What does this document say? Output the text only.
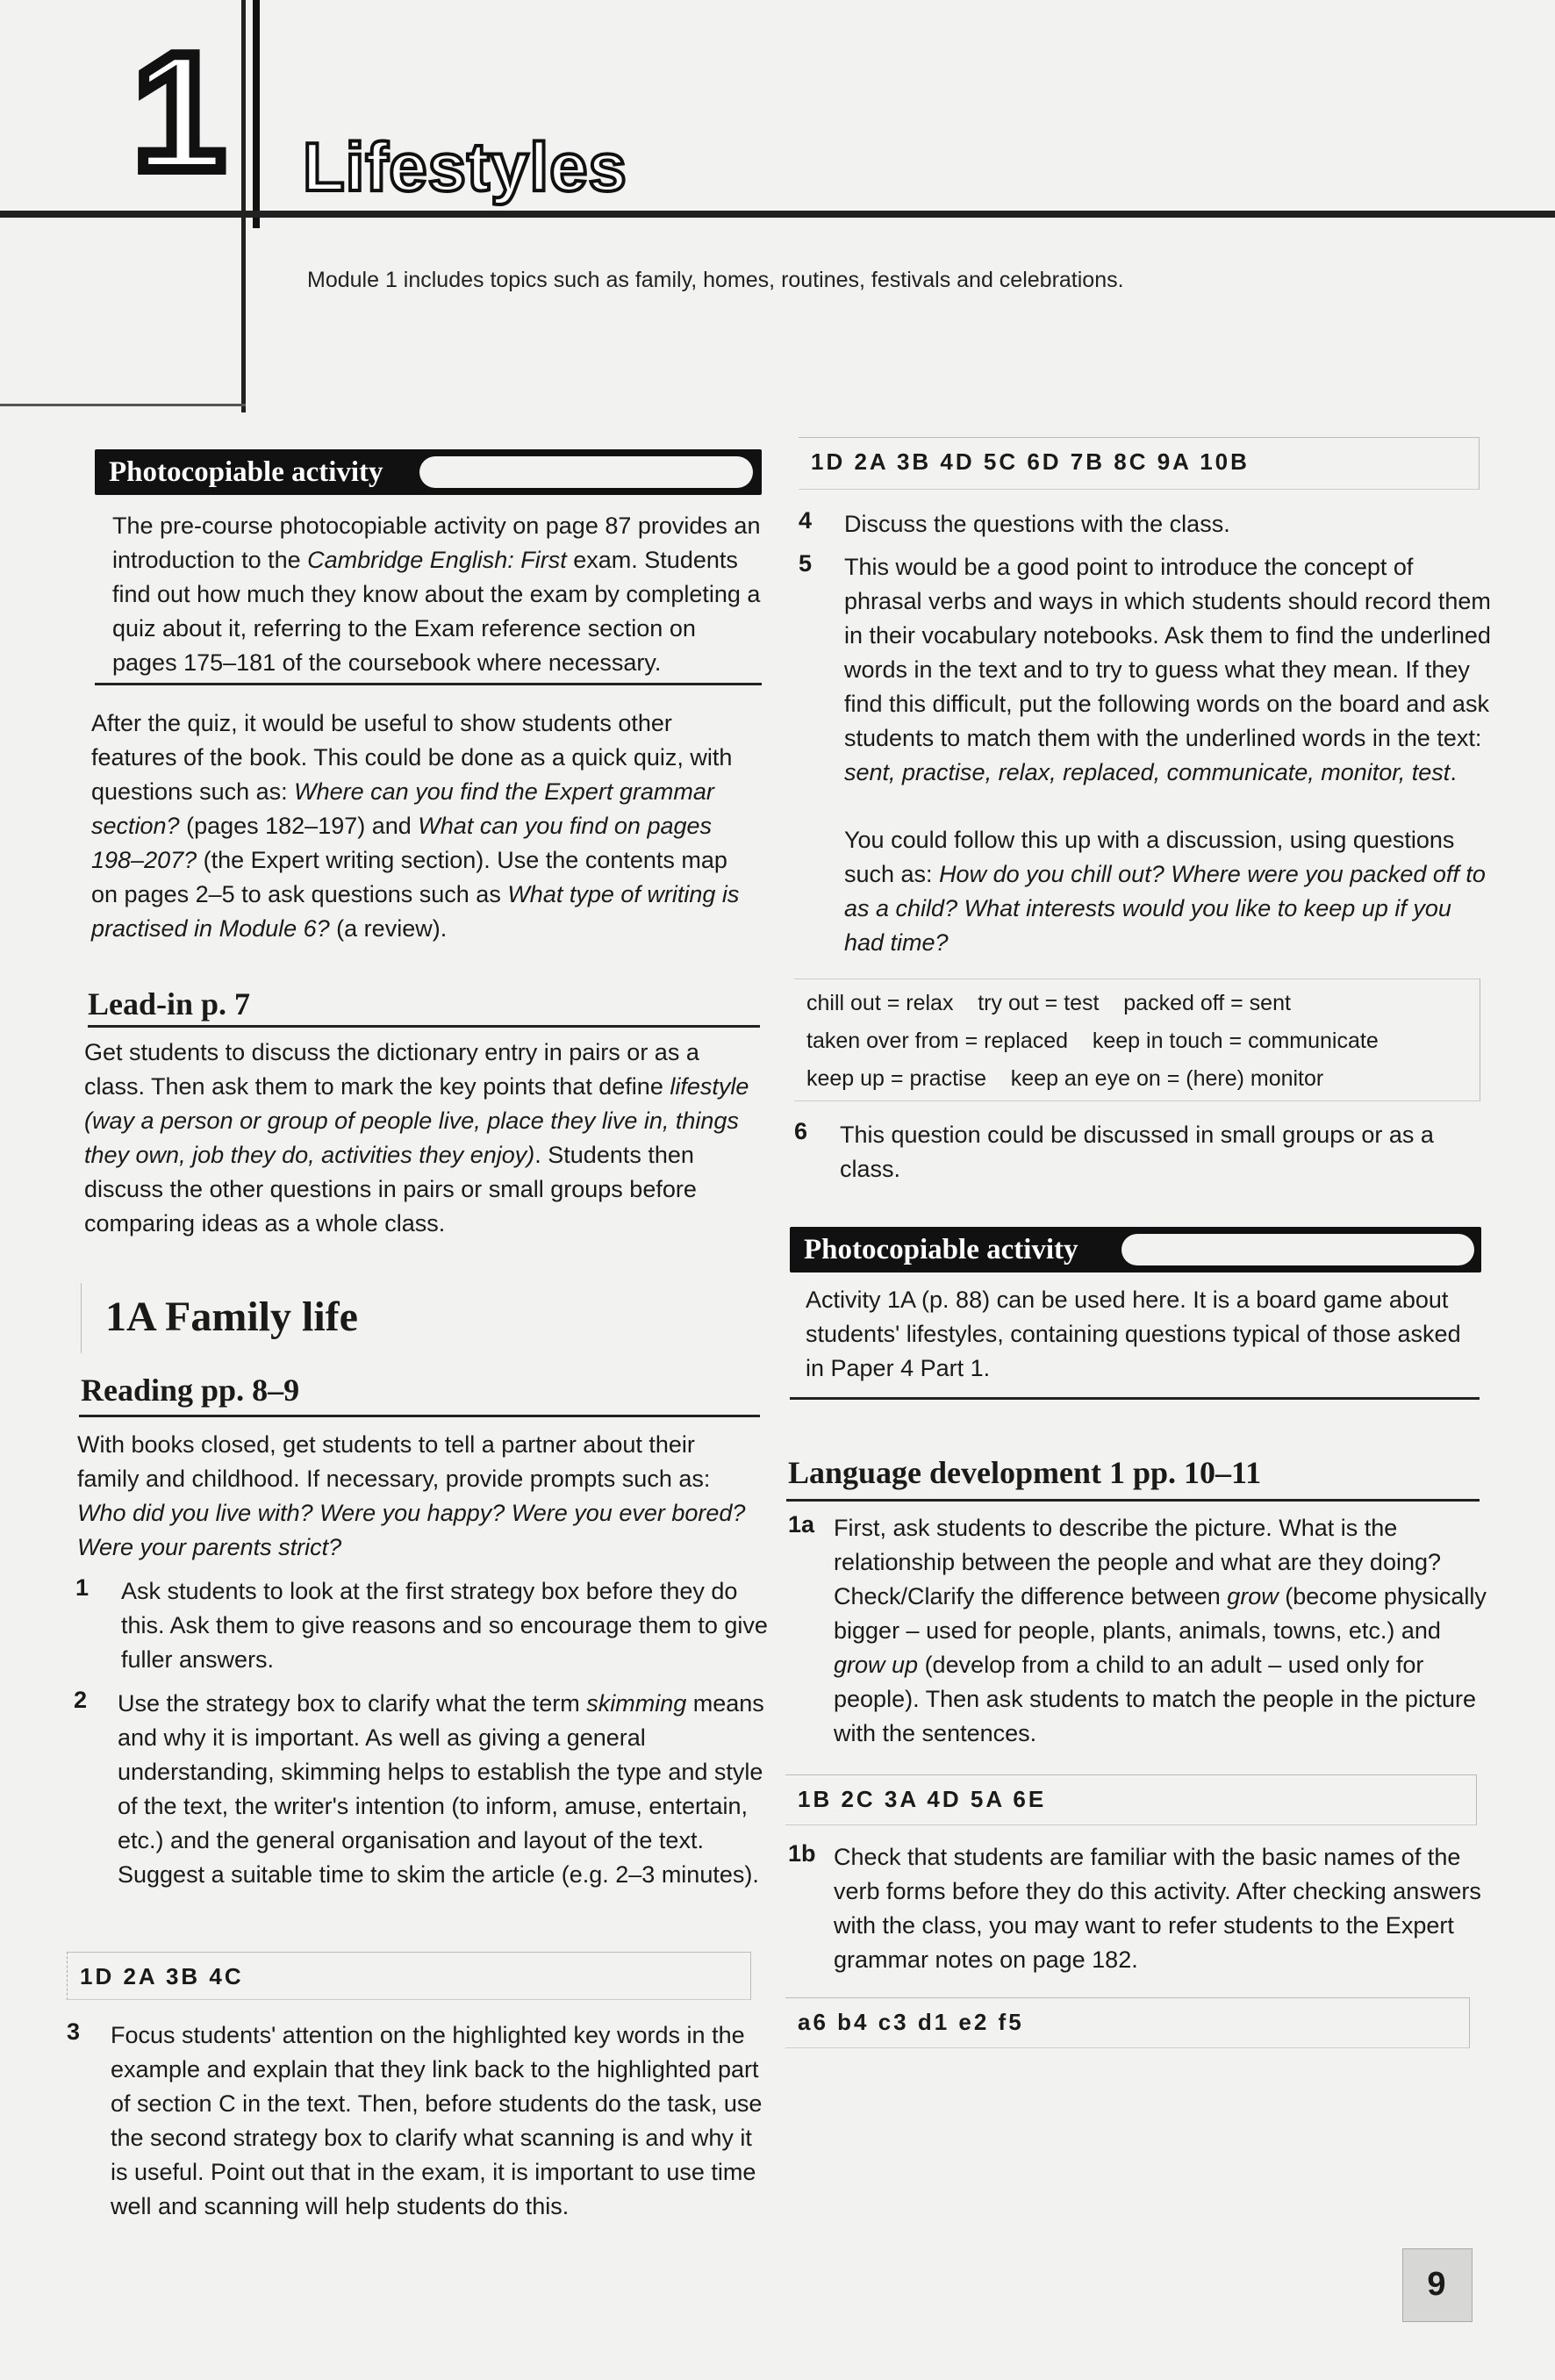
1 Lifestyles
Module 1 includes topics such as family, homes, routines, festivals and celebrations.
Photocopiable activity
The pre-course photocopiable activity on page 87 provides an introduction to the Cambridge English: First exam. Students find out how much they know about the exam by completing a quiz about it, referring to the Exam reference section on pages 175–181 of the coursebook where necessary.
After the quiz, it would be useful to show students other features of the book. This could be done as a quick quiz, with questions such as: Where can you find the Expert grammar section? (pages 182–197) and What can you find on pages 198–207? (the Expert writing section). Use the contents map on pages 2–5 to ask questions such as What type of writing is practised in Module 6? (a review).
Lead-in p. 7
Get students to discuss the dictionary entry in pairs or as a class. Then ask them to mark the key points that define lifestyle (way a person or group of people live, place they live in, things they own, job they do, activities they enjoy). Students then discuss the other questions in pairs or small groups before comparing ideas as a whole class.
1A Family life
Reading pp. 8–9
With books closed, get students to tell a partner about their family and childhood. If necessary, provide prompts such as: Who did you live with? Were you happy? Were you ever bored? Were your parents strict?
1 Ask students to look at the first strategy box before they do this. Ask them to give reasons and so encourage them to give fuller answers.
2 Use the strategy box to clarify what the term skimming means and why it is important. As well as giving a general understanding, skimming helps to establish the type and style of the text, the writer's intention (to inform, amuse, entertain, etc.) and the general organisation and layout of the text. Suggest a suitable time to skim the article (e.g. 2–3 minutes).
1D 2A 3B 4C
3 Focus students' attention on the highlighted key words in the example and explain that they link back to the highlighted part of section C in the text. Then, before students do the task, use the second strategy box to clarify what scanning is and why it is useful. Point out that in the exam, it is important to use time well and scanning will help students do this.
1D 2A 3B 4D 5C 6D 7B 8C 9A 10B
4 Discuss the questions with the class.
5 This would be a good point to introduce the concept of phrasal verbs and ways in which students should record them in their vocabulary notebooks. Ask them to find the underlined words in the text and to try to guess what they mean. If they find this difficult, put the following words on the board and ask students to match them with the underlined words in the text: sent, practise, relax, replaced, communicate, monitor, test.
You could follow this up with a discussion, using questions such as: How do you chill out? Where were you packed off to as a child? What interests would you like to keep up if you had time?
chill out = relax    try out = test    packed off = sent
taken over from = replaced    keep in touch = communicate
keep up = practise    keep an eye on = (here) monitor
6 This question could be discussed in small groups or as a class.
Photocopiable activity
Activity 1A (p. 88) can be used here. It is a board game about students' lifestyles, containing questions typical of those asked in Paper 4 Part 1.
Language development 1 pp. 10–11
1a First, ask students to describe the picture. What is the relationship between the people and what are they doing? Check/Clarify the difference between grow (become physically bigger – used for people, plants, animals, towns, etc.) and grow up (develop from a child to an adult – used only for people). Then ask students to match the people in the picture with the sentences.
1B 2C 3A 4D 5A 6E
1b Check that students are familiar with the basic names of the verb forms before they do this activity. After checking answers with the class, you may want to refer students to the Expert grammar notes on page 182.
a6 b4 c3 d1 e2 f5
9
